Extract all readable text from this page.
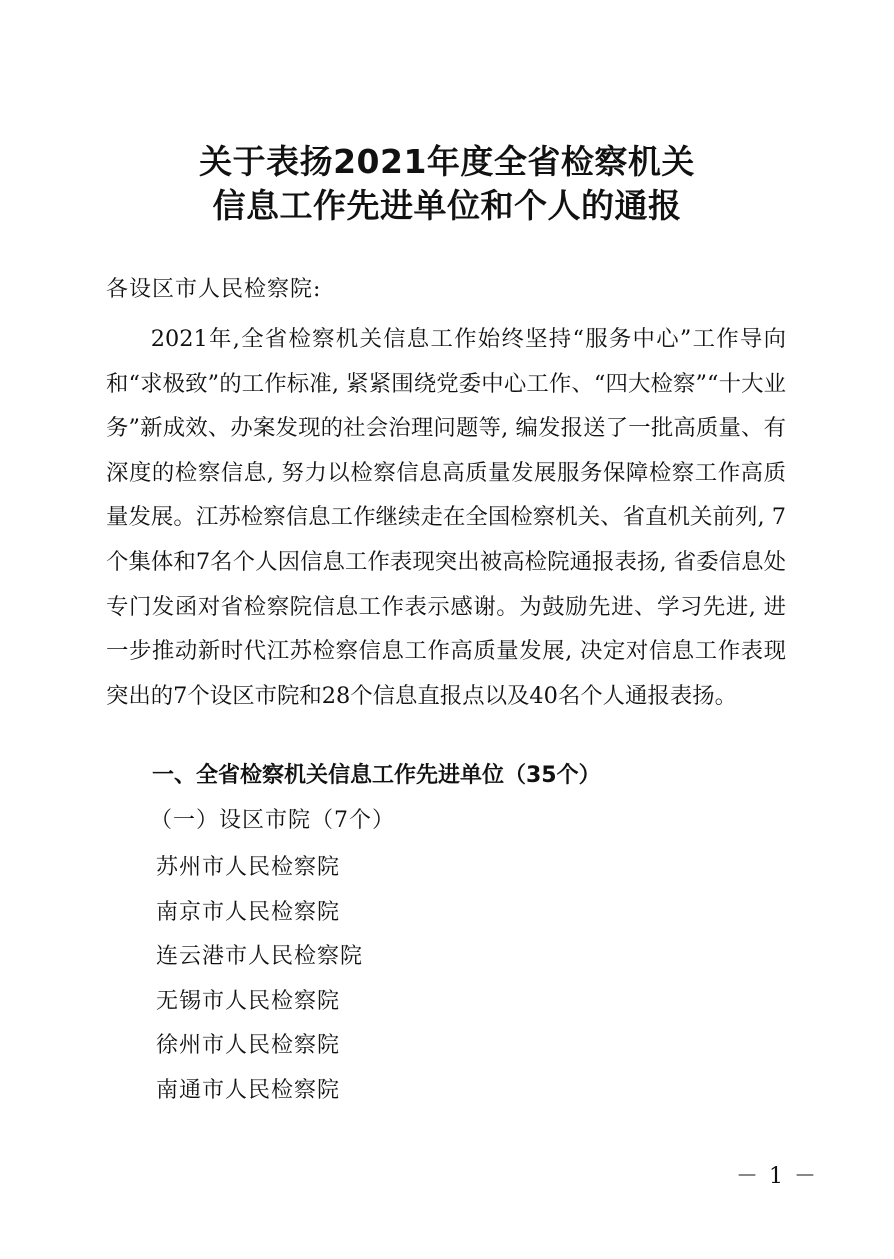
关于表扬2021年度全省检察机关
信息工作先进单位和个人的通报
各设区市人民检察院:

2021年,全省检察机关信息工作始终坚持“服务中心”工作导向和“求极致”的工作标准, 紧紧围绕党委中心工作、“四大检察”“十大业务”新成效、办案发现的社会治理问题等, 编发报送了一批高质量、有深度的检察信息, 努力以检察信息高质量发展服务保障检察工作高质量发展。江苏检察信息工作继续走在全国检察机关、省直机关前列, 7个集体和7名个人因信息工作表现突出被高检院通报表扬, 省委信息处专门发函对省检察院信息工作表示感谢。为鼓励先进、学习先进, 进一步推动新时代江苏检察信息工作高质量发展, 决定对信息工作表现突出的7个设区市院和28个信息直报点以及40名个人通报表扬。

一、全省检察机关信息工作先进单位（35个）
（一）设区市院（7个）
苏州市人民检察院
南京市人民检察院
连云港市人民检察院
无锡市人民检察院
徐州市人民检察院
南通市人民检察院
－ 1 －
